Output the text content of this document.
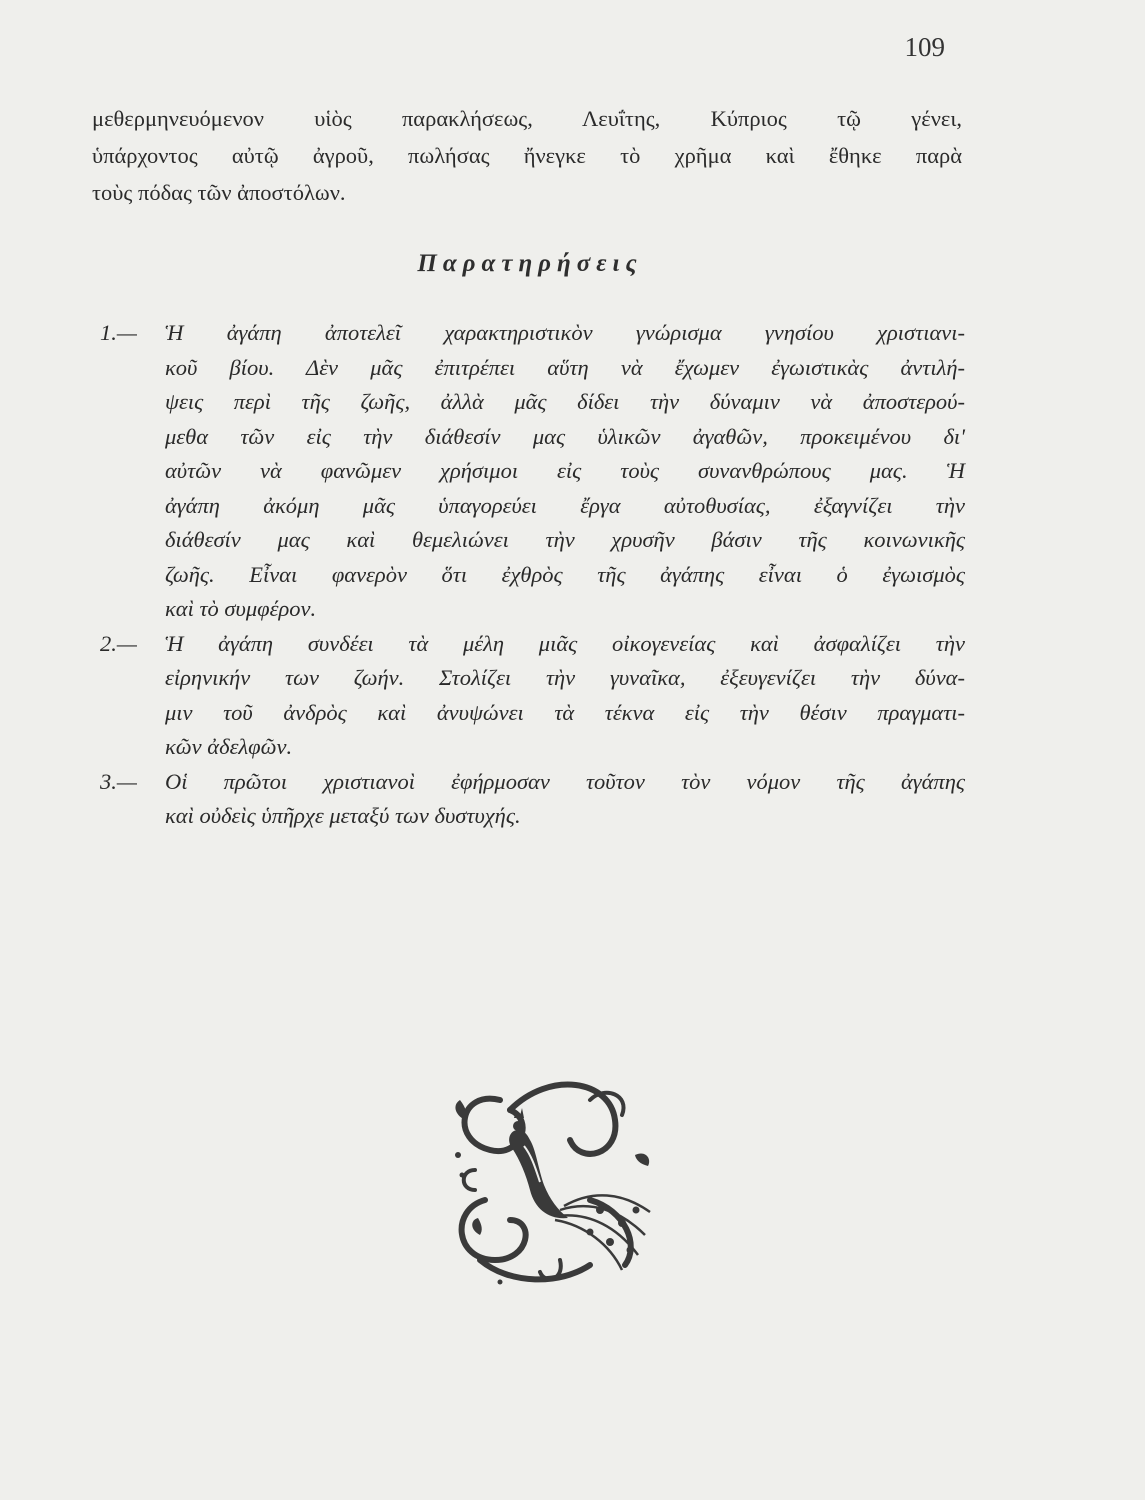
109
μεθερμηνευόμενον υἱὸς παρακλήσεως, Λευΐτης, Κύπριος τῷ γένει,
ὑπάρχοντος αὐτῷ ἀγροῦ, πωλήσας ἤνεγκε τὸ χρῆμα καὶ ἔθηκε παρὰ
τοὺς πόδας τῶν ἀποστόλων.
Παρατηρήσεις
1.—	Ἡ ἀγάπη ἀποτελεῖ χαρακτηριστικὸν γνώρισμα γνησίου χριστιανι-
κοῦ βίου. Δὲν μᾶς ἐπιτρέπει αὕτη νὰ ἔχωμεν ἐγωιστικὰς ἀντιλή-
ψεις περὶ τῆς ζωῆς, ἀλλὰ μᾶς δίδει τὴν δύναμιν νὰ ἀποστερού-
μεθα τῶν εἰς τὴν διάθεσίν μας ὑλικῶν ἀγαθῶν, προκειμένου δι'
αὐτῶν νὰ φανῶμεν χρήσιμοι εἰς τοὺς συνανθρώπους μας. Ἡ
ἀγάπη ἀκόμη μᾶς ὑπαγορεύει ἔργα αὐτοθυσίας, ἐξαγνίζει τὴν
διάθεσίν μας καὶ θεμελιώνει τὴν χρυσῆν βάσιν τῆς κοινωνικῆς
ζωῆς. Εἶναι φανερὸν ὅτι ἐχθρὸς τῆς ἀγάπης εἶναι ὁ ἐγωισμὸς
καὶ τὸ συμφέρον.
2.—	Ἡ ἀγάπη συνδέει τὰ μέλη μιᾶς οἰκογενείας καὶ ἀσφαλίζει τὴν
εἰρηνικήν των ζωήν. Στολίζει τὴν γυναῖκα, ἐξευγενίζει τὴν δύνα-
μιν τοῦ ἀνδρὸς καὶ ἀνυψώνει τὰ τέκνα εἰς τὴν θέσιν πραγματι-
κῶν ἀδελφῶν.
3.—	Οἱ πρῶτοι χριστιανοὶ ἐφήρμοσαν τοῦτον τὸν νόμον τῆς ἀγάπης
καὶ οὐδεὶς ὑπῆρχε μεταξύ των δυστυχής.
